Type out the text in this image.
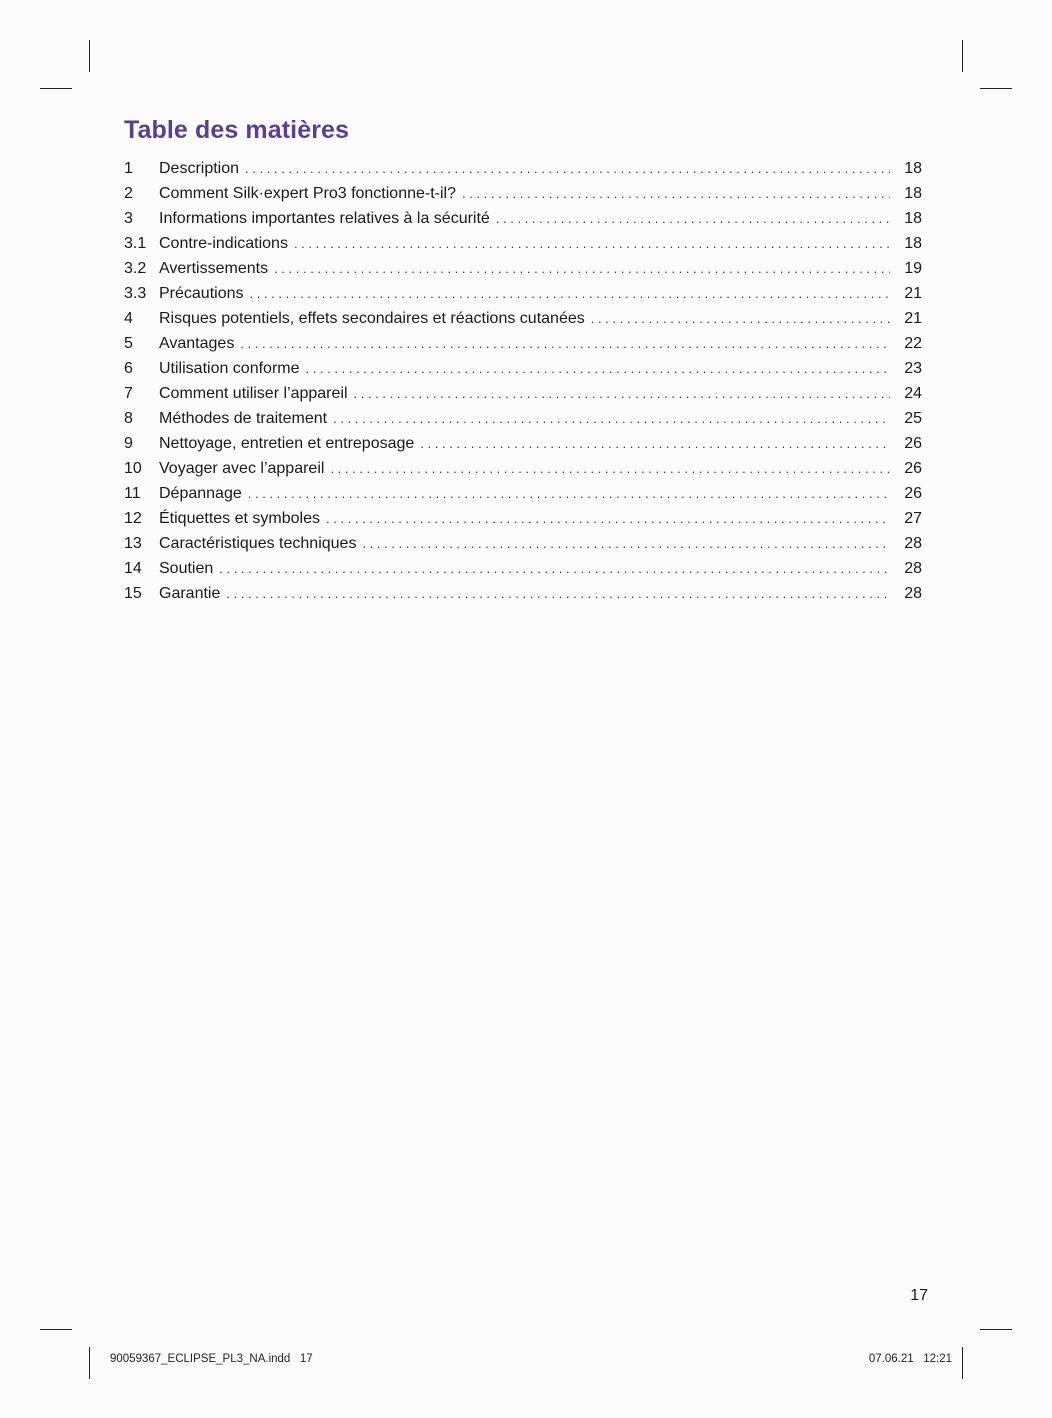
Table des matières
1	Description . . .	18
2	Comment Silk·expert Pro3 fonctionne-t-il? . . .	18
3	Informations importantes relatives à la sécurité . . .	18
3.1 Contre-indications . . .	18
3.2 Avertissements . . .	19
3.3 Précautions . . .	21
4	Risques potentiels, effets secondaires et réactions cutanées . . .	21
5	Avantages . . .	22
6	Utilisation conforme . . .	23
7	Comment utiliser l’appareil . . .	24
8	Méthodes de traitement . . .	25
9	Nettoyage, entretien et entreposage . . .	26
10	Voyager avec l’appareil . . .	26
11	Dépannage . . .	26
12	Étiquettes et symboles . . .	27
13	Caractéristiques techniques . . .	28
14	Soutien . . .	28
15	Garantie . . .	28
17
90059367_ECLIPSE_PL3_NA.indd   17	07.06.21   12:21
